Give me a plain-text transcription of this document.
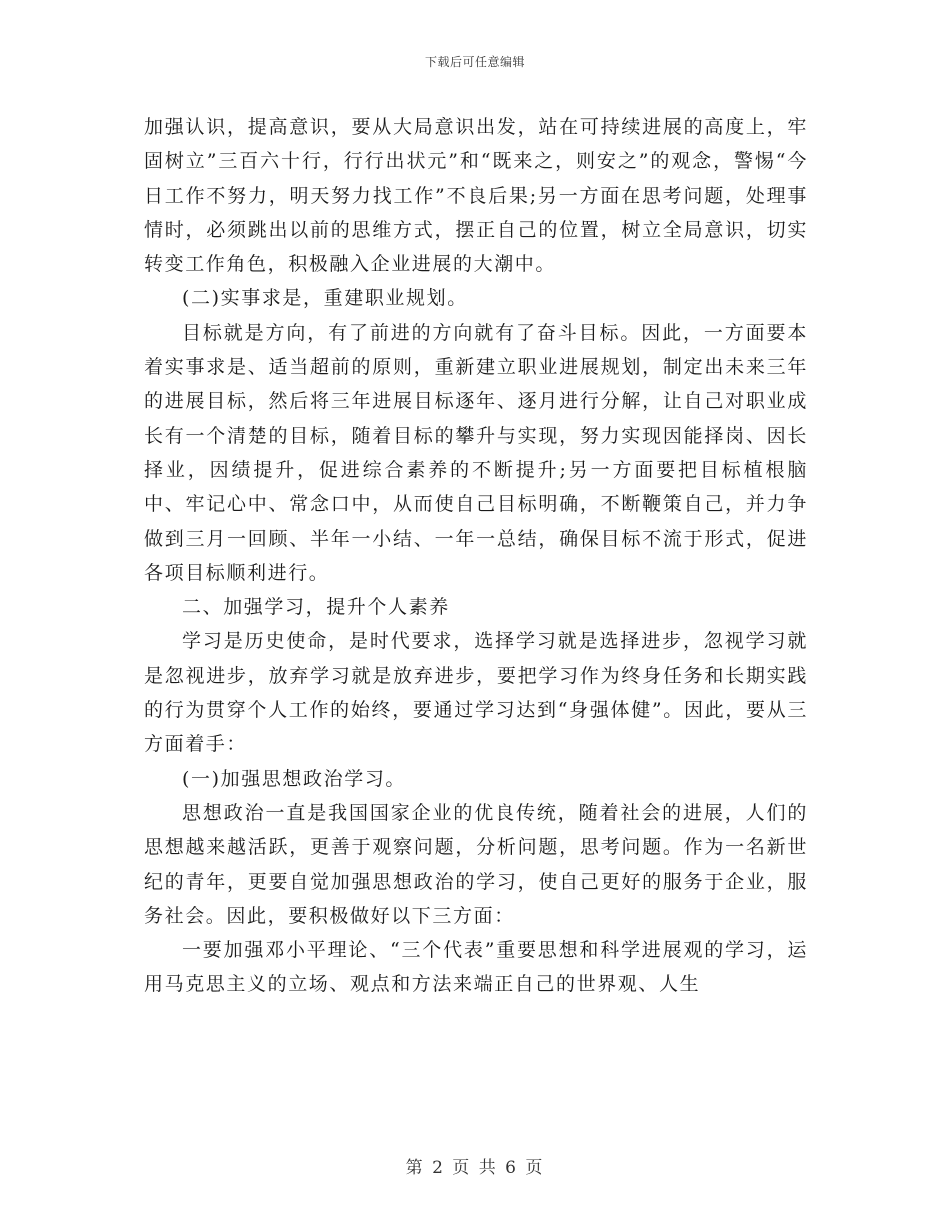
下载后可任意编辑

加强认识，提高意识，要从大局意识出发，站在可持续进展的高度上，牢固树立”三百六十行，行行出状元”和“既来之，则安之”的观念，警惕“今日工作不努力，明天努力找工作”不良后果;另一方面在思考问题，处理事情时，必须跳出以前的思维方式，摆正自己的位置，树立全局意识，切实转变工作角色，积极融入企业进展的大潮中。

(二)实事求是，重建职业规划。

目标就是方向，有了前进的方向就有了奋斗目标。因此，一方面要本着实事求是、适当超前的原则，重新建立职业进展规划，制定出未来三年的进展目标，然后将三年进展目标逐年、逐月进行分解，让自己对职业成长有一个清楚的目标，随着目标的攀升与实现，努力实现因能择岗、因长择业，因绩提升，促进综合素养的不断提升;另一方面要把目标植根脑中、牢记心中、常念口中，从而使自己目标明确，不断鞭策自己，并力争做到三月一回顾、半年一小结、一年一总结，确保目标不流于形式，促进各项目标顺利进行。

二、加强学习，提升个人素养

学习是历史使命，是时代要求，选择学习就是选择进步，忽视学习就是忽视进步，放弃学习就是放弃进步，要把学习作为终身任务和长期实践的行为贯穿个人工作的始终，要通过学习达到“身强体健”。因此，要从三方面着手：

(一)加强思想政治学习。

思想政治一直是我国国家企业的优良传统，随着社会的进展，人们的思想越来越活跃，更善于观察问题，分析问题，思考问题。作为一名新世纪的青年，更要自觉加强思想政治的学习，使自己更好的服务于企业，服务社会。因此，要积极做好以下三方面：

一要加强邓小平理论、“三个代表”重要思想和科学进展观的学习，运用马克思主义的立场、观点和方法来端正自己的世界观、人生

第 2 页 共 6 页
